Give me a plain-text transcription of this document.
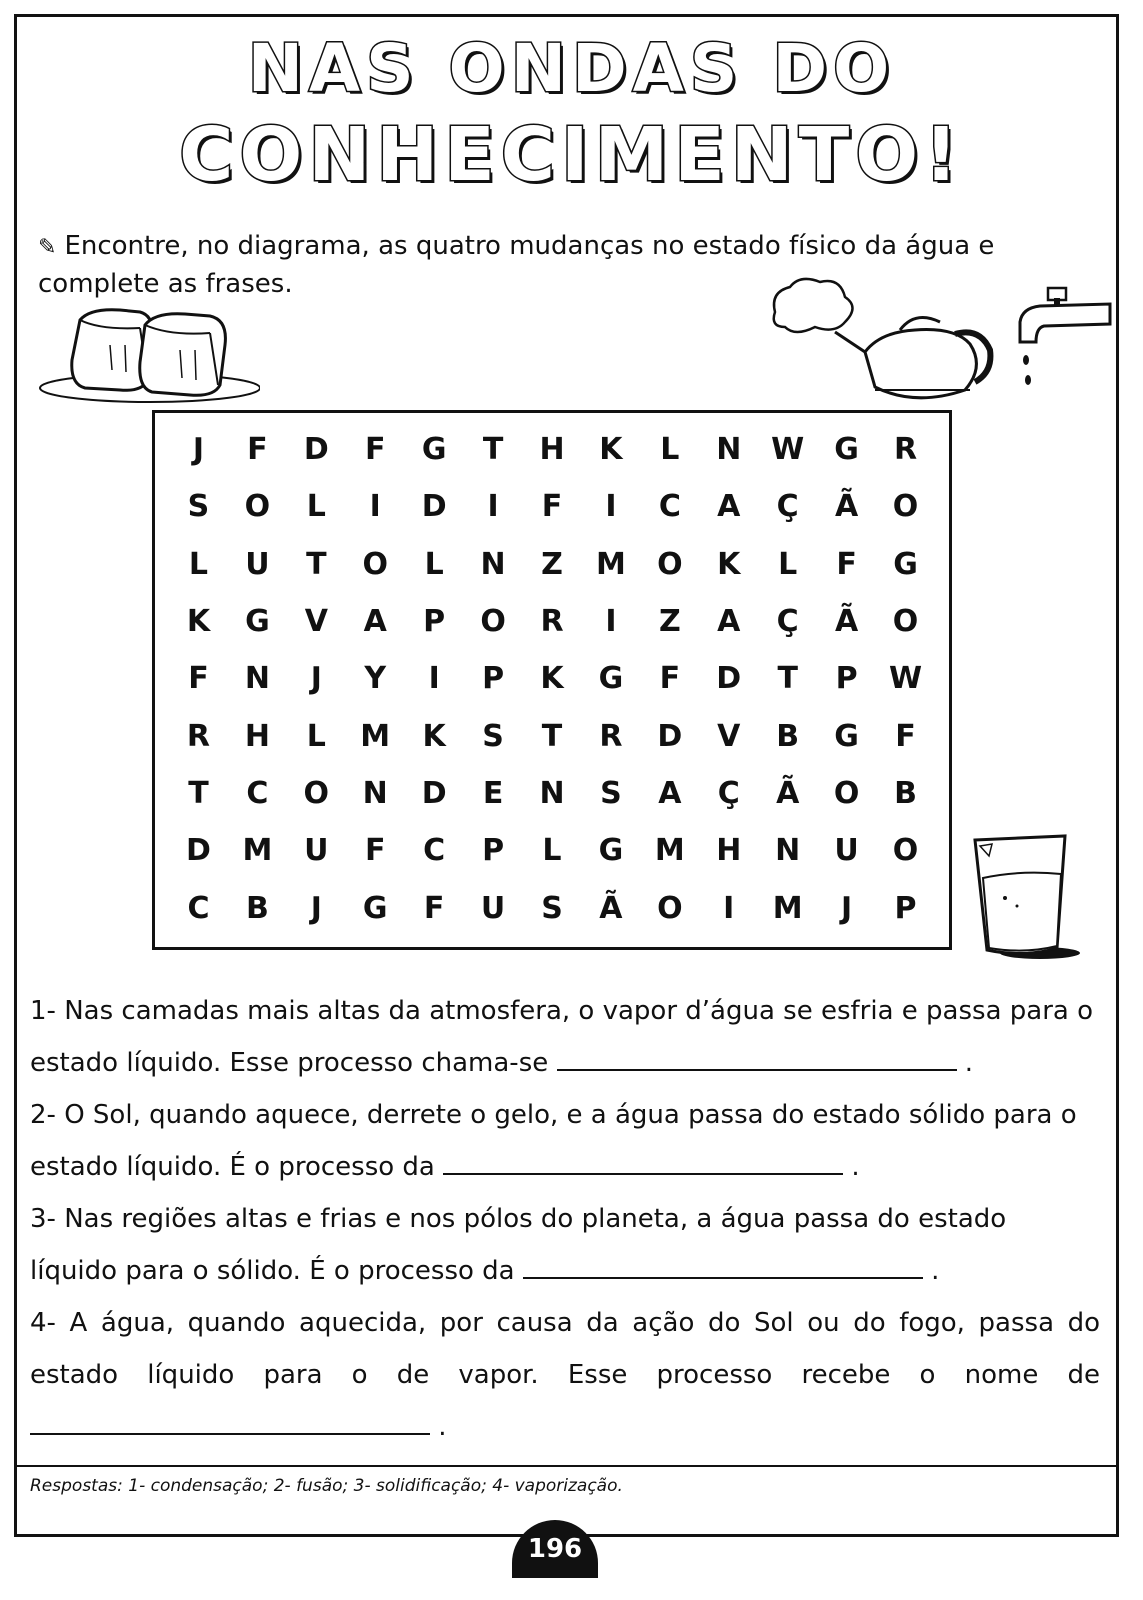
NAS ONDAS DO
CONHECIMENTO!
✎ Encontre, no diagrama, as quatro mudanças no estado físico da água e complete as frases.
J	F	D	F	G	T	H	K	L	N W	G	R
S	O	L	I	D	I	F	I	C	A	Ç	Ã	O
L	U	T	O	L	N	Z	M	O	K	L	F	G
K	G	V	A	P	O	R	I	Z	A	Ç	Ã	O
F	N	J	Y	I	P	K	G	F	D	T	P	W
R	H	L	M	K	S	T	R	D	V	B	G	F
T	C	O	N	D	E	N	S	A	Ç	Ã	O	B
D	M	U	F	C	P	L	G	M	H	N	U	O
C	B	J	G	F	U	S	Ã	O	I	M	J	P
1- Nas camadas mais altas da atmosfera, o vapor d’água se esfria e passa para o estado líquido. Esse processo chama-se	.
2- O Sol, quando aquece, derrete o gelo, e a água passa do estado sólido para o estado líquido. É o processo da	.
3- Nas regiões altas e frias e nos pólos do planeta, a água passa do estado líquido para o sólido. É o processo da	.
4- A água, quando aquecida, por causa da ação do Sol ou do fogo, passa do estado líquido para o de vapor. Esse processo recebe o nome de  .
Respostas: 1- condensação; 2- fusão; 3- solidificação; 4- vaporização.
196
